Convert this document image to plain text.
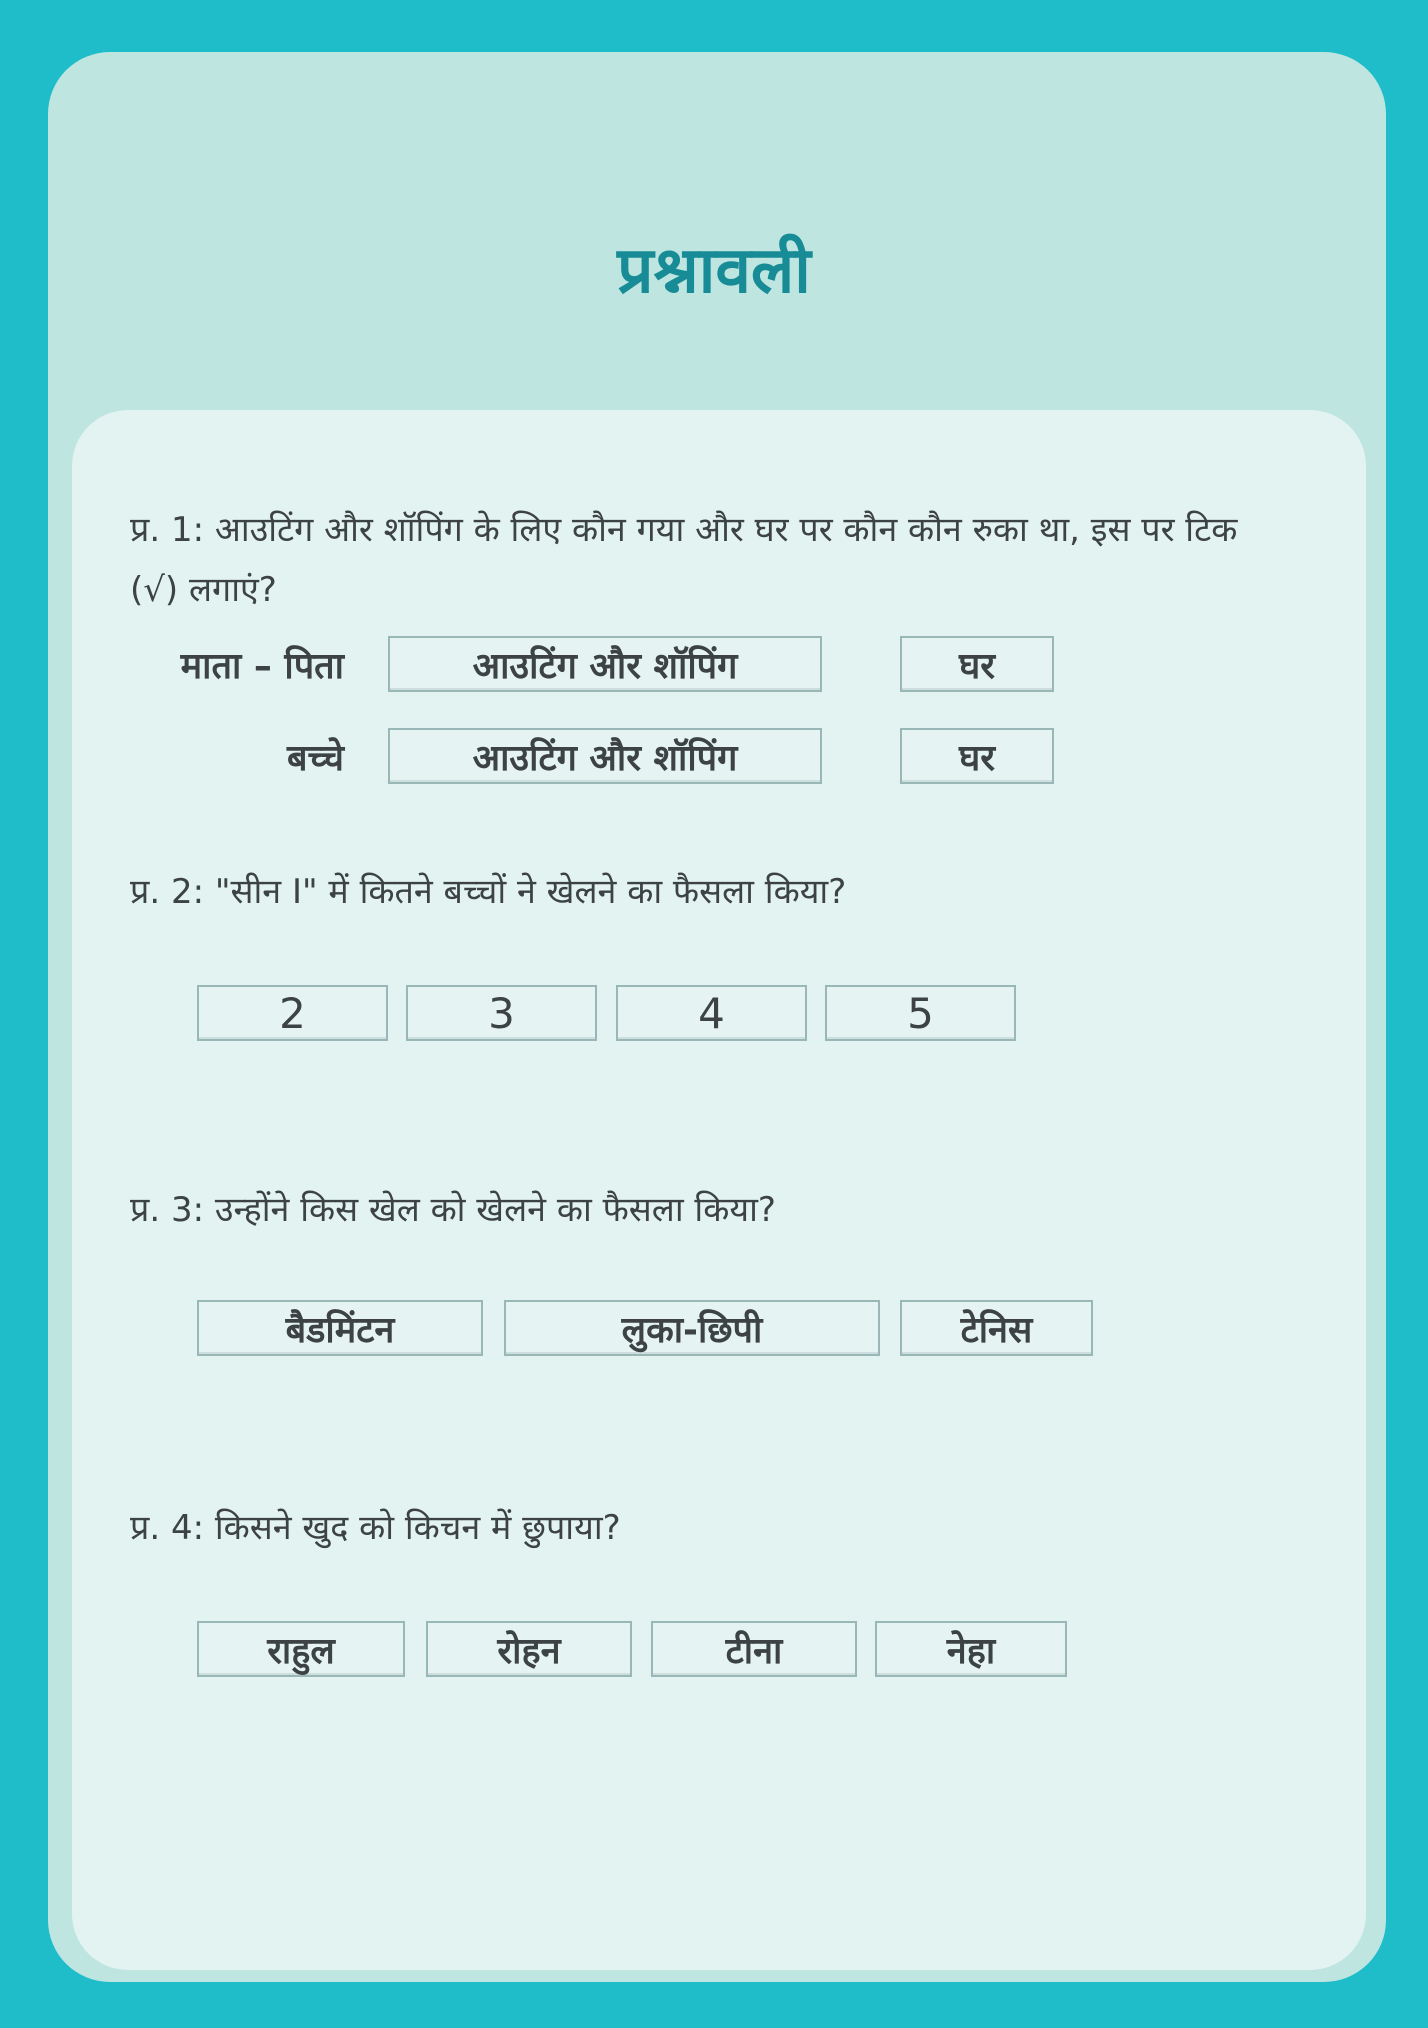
प्रश्नावली
प्र. 1: आउटिंग और शॉपिंग के लिए कौन गया और घर पर कौन कौन रुका था, इस पर टिक (√) लगाएं?
माता – पिता	आउटिंग और शॉपिंग	घर
बच्चे	आउटिंग और शॉपिंग	घर
प्र. 2: "सीन I" में कितने बच्चों ने खेलने का फैसला किया?
2	3	4	5
प्र. 3: उन्होंने किस खेल को खेलने का फैसला किया?
बैडमिंटन	लुका-छिपी	टेनिस
प्र. 4: किसने खुद को किचन में छुपाया?
राहुल	रोहन	टीना	नेहा
